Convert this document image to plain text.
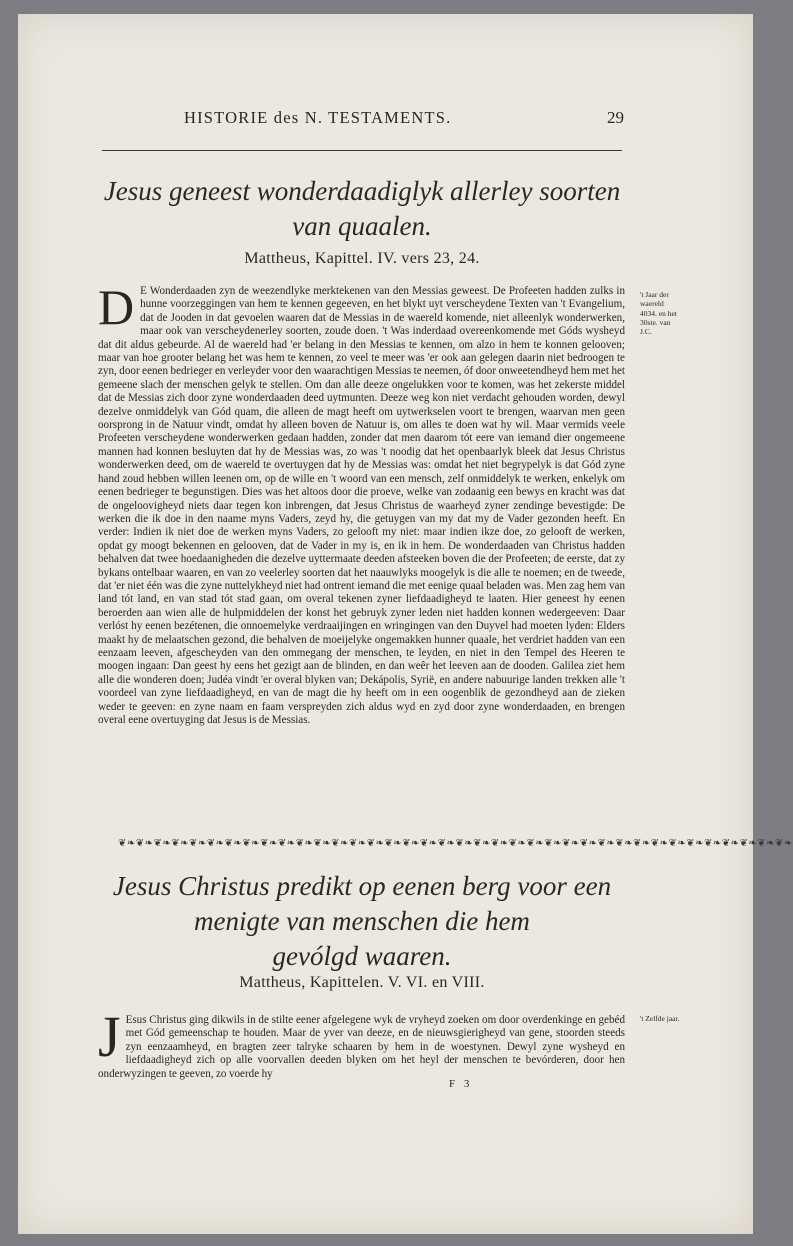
HISTORIE des N. TESTAMENTS.	29
Jesus geneest wonderdaadiglyk allerley soorten
van quaalen.
Mattheus, Kapittel. IV. vers 23, 24.
D E Wonderdaaden zyn de weezendlyke merktekenen van den Messias geweest. De Profeeten hadden zulks in hunne voorzeggingen van hem te kennen gegeeven, en het blykt uyt verscheydene Texten van 't Evangelium, dat de Jooden in dat gevoelen waaren dat de Messias in de waereld komende, niet alleenlyk wonderwerken, maar ook van verscheydenerley soorten, zoude doen. 't Was inderdaad overeenkomende met Góds wysheyd dat dit aldus gebeurde. Al de waereld had 'er belang in den Messias te kennen, om alzo in hem te konnen gelooven; maar van hoe grooter belang het was hem te kennen, zo veel te meer was 'er ook aan gelegen daarin niet bedroogen te zyn, door eenen bedrieger en verleyder voor den waarachtigen Messias te neemen, óf door onweetendheyd hem met het gemeene slach der menschen gelyk te stellen. Om dan alle deeze ongelukken voor te komen, was het zekerste middel dat de Messias zich door zyne wonderdaaden deed uytmunten. Deeze weg kon niet verdacht gehouden worden, dewyl dezelve onmiddelyk van Gód quam, die alleen de magt heeft om uytwerkselen voort te brengen, waarvan men geen oorsprong in de Natuur vindt, omdat hy alleen boven de Natuur is, om alles te doen wat hy wil. Maar vermids veele Profeeten verscheydene wonderwerken gedaan hadden, zonder dat men daarom tót eere van iemand dier ongemeene mannen had konnen besluyten dat hy de Messias was, zo was 't noodig dat het openbaarlyk bleek dat Jesus Christus wonderwerken deed, om de waereld te overtuygen dat hy de Messias was: omdat het niet begrypelyk is dat Gód zyne hand zoud hebben willen leenen om, op de wille en 't woord van een mensch, zelf onmiddelyk te werken, enkelyk om eenen bedrieger te begunstigen. Dies was het altoos door die proeve, welke van zodaanig een bewys en kracht was dat de ongeloovigheyd niets daar tegen kon inbrengen, dat Jesus Christus de waarheyd zyner zendinge bevestigde: De werken die ik doe in den naame myns Vaders, zeyd hy, die getuygen van my dat my de Vader gezonden heeft. En verder: Indien ik niet doe de werken myns Vaders, zo gelooft my niet: maar indien ikze doe, zo gelooft de werken, opdat gy moogt bekennen en gelooven, dat de Vader in my is, en ik in hem. De wonderdaaden van Christus hadden behalven dat twee hoedaanigheden die dezelve uyttermaate deeden afsteeken boven die der Profeeten; de eerste, dat zy bykans ontelbaar waaren, en van zo veelerley soorten dat het naauwlyks moogelyk is die alle te noemen; en de tweede, dat 'er niet één was die zyne nuttelykheyd niet had ontrent iemand die met eenige quaal beladen was. Men zag hem van land tót land, en van stad tót stad gaan, om overal tekenen zyner liefdaadigheyd te laaten. Hier geneest hy eenen beroerden aan wien alle de hulpmiddelen der konst het gebruyk zyner leden niet hadden konnen wedergeeven: Daar verlóst hy eenen bezétenen, die onnoemelyke verdraaijingen en wringingen van den Duyvel had moeten lyden: Elders maakt hy de melaatschen gezond, die behalven de moeijelyke ongemakken hunner quaale, het verdriet hadden van een eenzaam leeven, afgescheyden van den ommegang der menschen, te leyden, en niet in den Tempel des Heeren te moogen ingaan: Dan geest hy eens het gezigt aan de blinden, en dan weêr het leeven aan de dooden. Galilea ziet hem alle die wonderen doen; Judéa vindt 'er overal blyken van; Dekápolis, Syrië, en andere nabuurige landen trekken alle 't voordeel van zyne liefdaadigheyd, en van de magt die hy heeft om in een oogenblik de gezondheyd aan de zieken weder te geeven: en zyne naam en faam verspreyden zich aldus wyd en zyd door zyne wonderdaaden, en brengen overal eene overtuyging dat Jesus is de Messias.
't Jaar der waereld 4034. en het 30ste. van J.C.
❦❧❦❧❦❧❦❧❦❧❦❧❦❧❦❧❦❧❦❧❦❧❦❧❦❧❦❧❦❧❦❧❦❧❦❧❦❧❦❧❦❧❦❧❦❧❦❧❦❧❦❧❦❧❦❧❦❧❦❧❦❧❦❧❦❧❦❧❦❧❦❧❦❧❦❧
Jesus Christus predikt op eenen berg voor een
menigte van menschen die hem
gevólgd waaren.
Mattheus, Kapittelen. V. VI. en VIII.
J Esus Christus ging dikwils in de stilte eener afgelegene wyk de vryheyd zoeken om door overdenkinge en gebéd met Gód gemeenschap te houden. Maar de yver van deeze, en de nieuwsgierigheyd van gene, stoorden steeds zyn eenzaamheyd, en bragten zeer talryke schaaren by hem in de woestynen. Dewyl zyne wysheyd en liefdaadigheyd zich op alle voorvallen deeden blyken om het heyl der menschen te bevórderen, door hen onderwyzingen te geeven, zo voerde hy
't Zelfde jaar.
F 3
